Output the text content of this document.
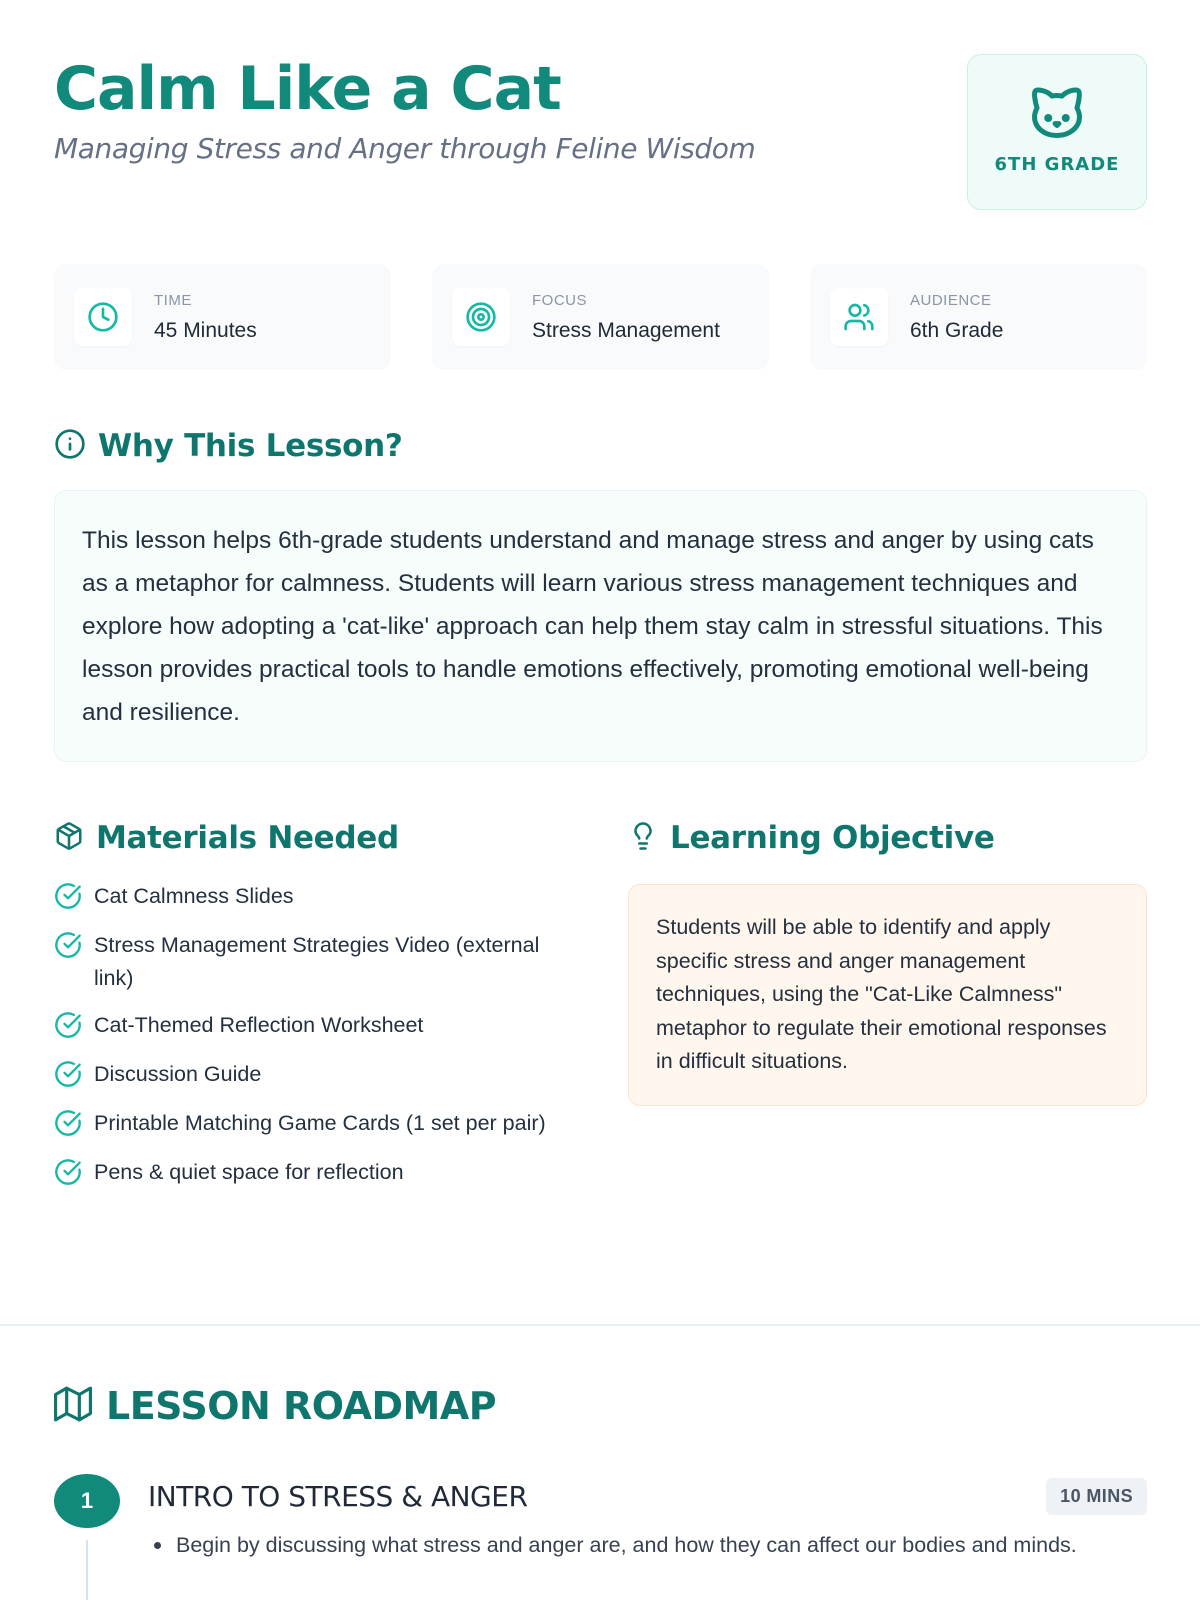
Calm Like a Cat
Managing Stress and Anger through Feline Wisdom	6TH GRADE
TIME
45 Minutes
FOCUS
Stress Management
AUDIENCE
6th Grade
Why This Lesson?

This lesson helps 6th-grade students understand and manage stress and anger by using cats as a metaphor for calmness. Students will learn various stress management techniques and explore how adopting a 'cat-like' approach can help them stay calm in stressful situations. This lesson provides practical tools to handle emotions effectively, promoting emotional well-being and resilience.

Materials Needed
Cat Calmness Slides
Stress Management Strategies Video (external link)
Cat-Themed Reflection Worksheet
Discussion Guide
Printable Matching Game Cards (1 set per pair)
Pens & quiet space for reflection
Learning Objective

Students will be able to identify and apply specific stress and anger management techniques, using the "Cat-Like Calmness" metaphor to regulate their emotional responses in difficult situations.

LESSON ROADMAP
1	INTRO TO STRESS & ANGER	10 MINS
Begin by discussing what stress and anger are, and how they can affect our bodies and minds.
